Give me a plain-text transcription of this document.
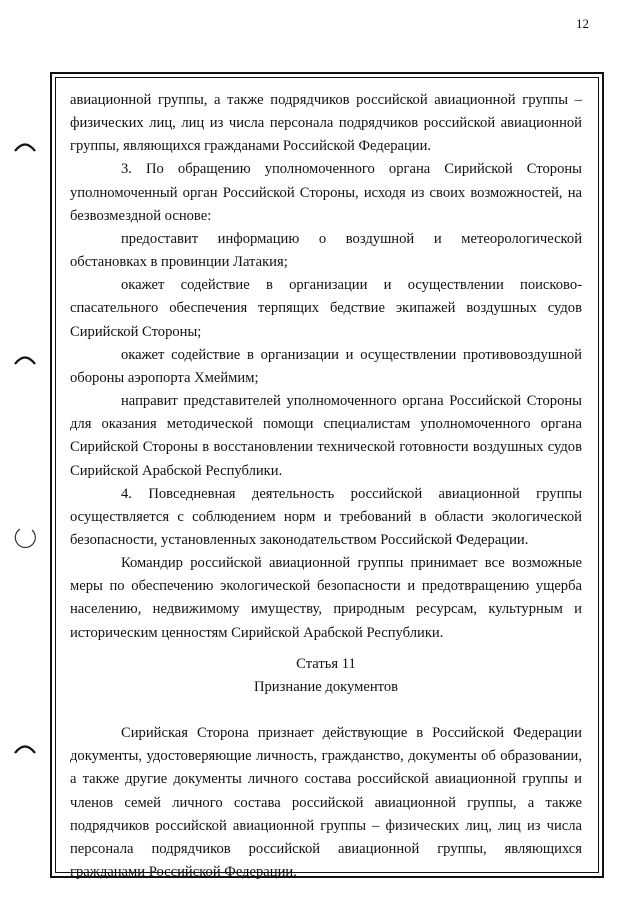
12

авиационной группы, а также подрядчиков российской авиационной группы – физических лиц, лиц из числа персонала подрядчиков российской авиационной группы, являющихся гражданами Российской Федерации.

3. По обращению уполномоченного органа Сирийской Стороны уполномоченный орган Российской Стороны, исходя из своих возможностей, на безвозмездной основе:

предоставит информацию о воздушной и метеорологической обстановках в провинции Латакия;

окажет содействие в организации и осуществлении поисково-спасательного обеспечения терпящих бедствие экипажей воздушных судов Сирийской Стороны;

окажет содействие в организации и осуществлении противовоздушной обороны аэропорта Хмеймим;

направит представителей уполномоченного органа Российской Стороны для оказания методической помощи специалистам уполномоченного органа Сирийской Стороны в восстановлении технической готовности воздушных судов Сирийской Арабской Республики.

4. Повседневная деятельность российской авиационной группы осуществляется с соблюдением норм и требований в области экологической безопасности, установленных законодательством Российской Федерации.

Командир российской авиационной группы принимает все возможные меры по обеспечению экологической безопасности и предотвращению ущерба населению, недвижимому имуществу, природным ресурсам, культурным и историческим ценностям Сирийской Арабской Республики.

Статья 11

Признание документов

Сирийская Сторона признает действующие в Российской Федерации документы, удостоверяющие личность, гражданство, документы об образовании, а также другие документы личного состава российской авиационной группы и членов семей личного состава российской авиационной группы, а также подрядчиков российской авиационной группы – физических лиц, лиц из числа персонала подрядчиков российской авиационной группы, являющихся гражданами Российской Федерации.
